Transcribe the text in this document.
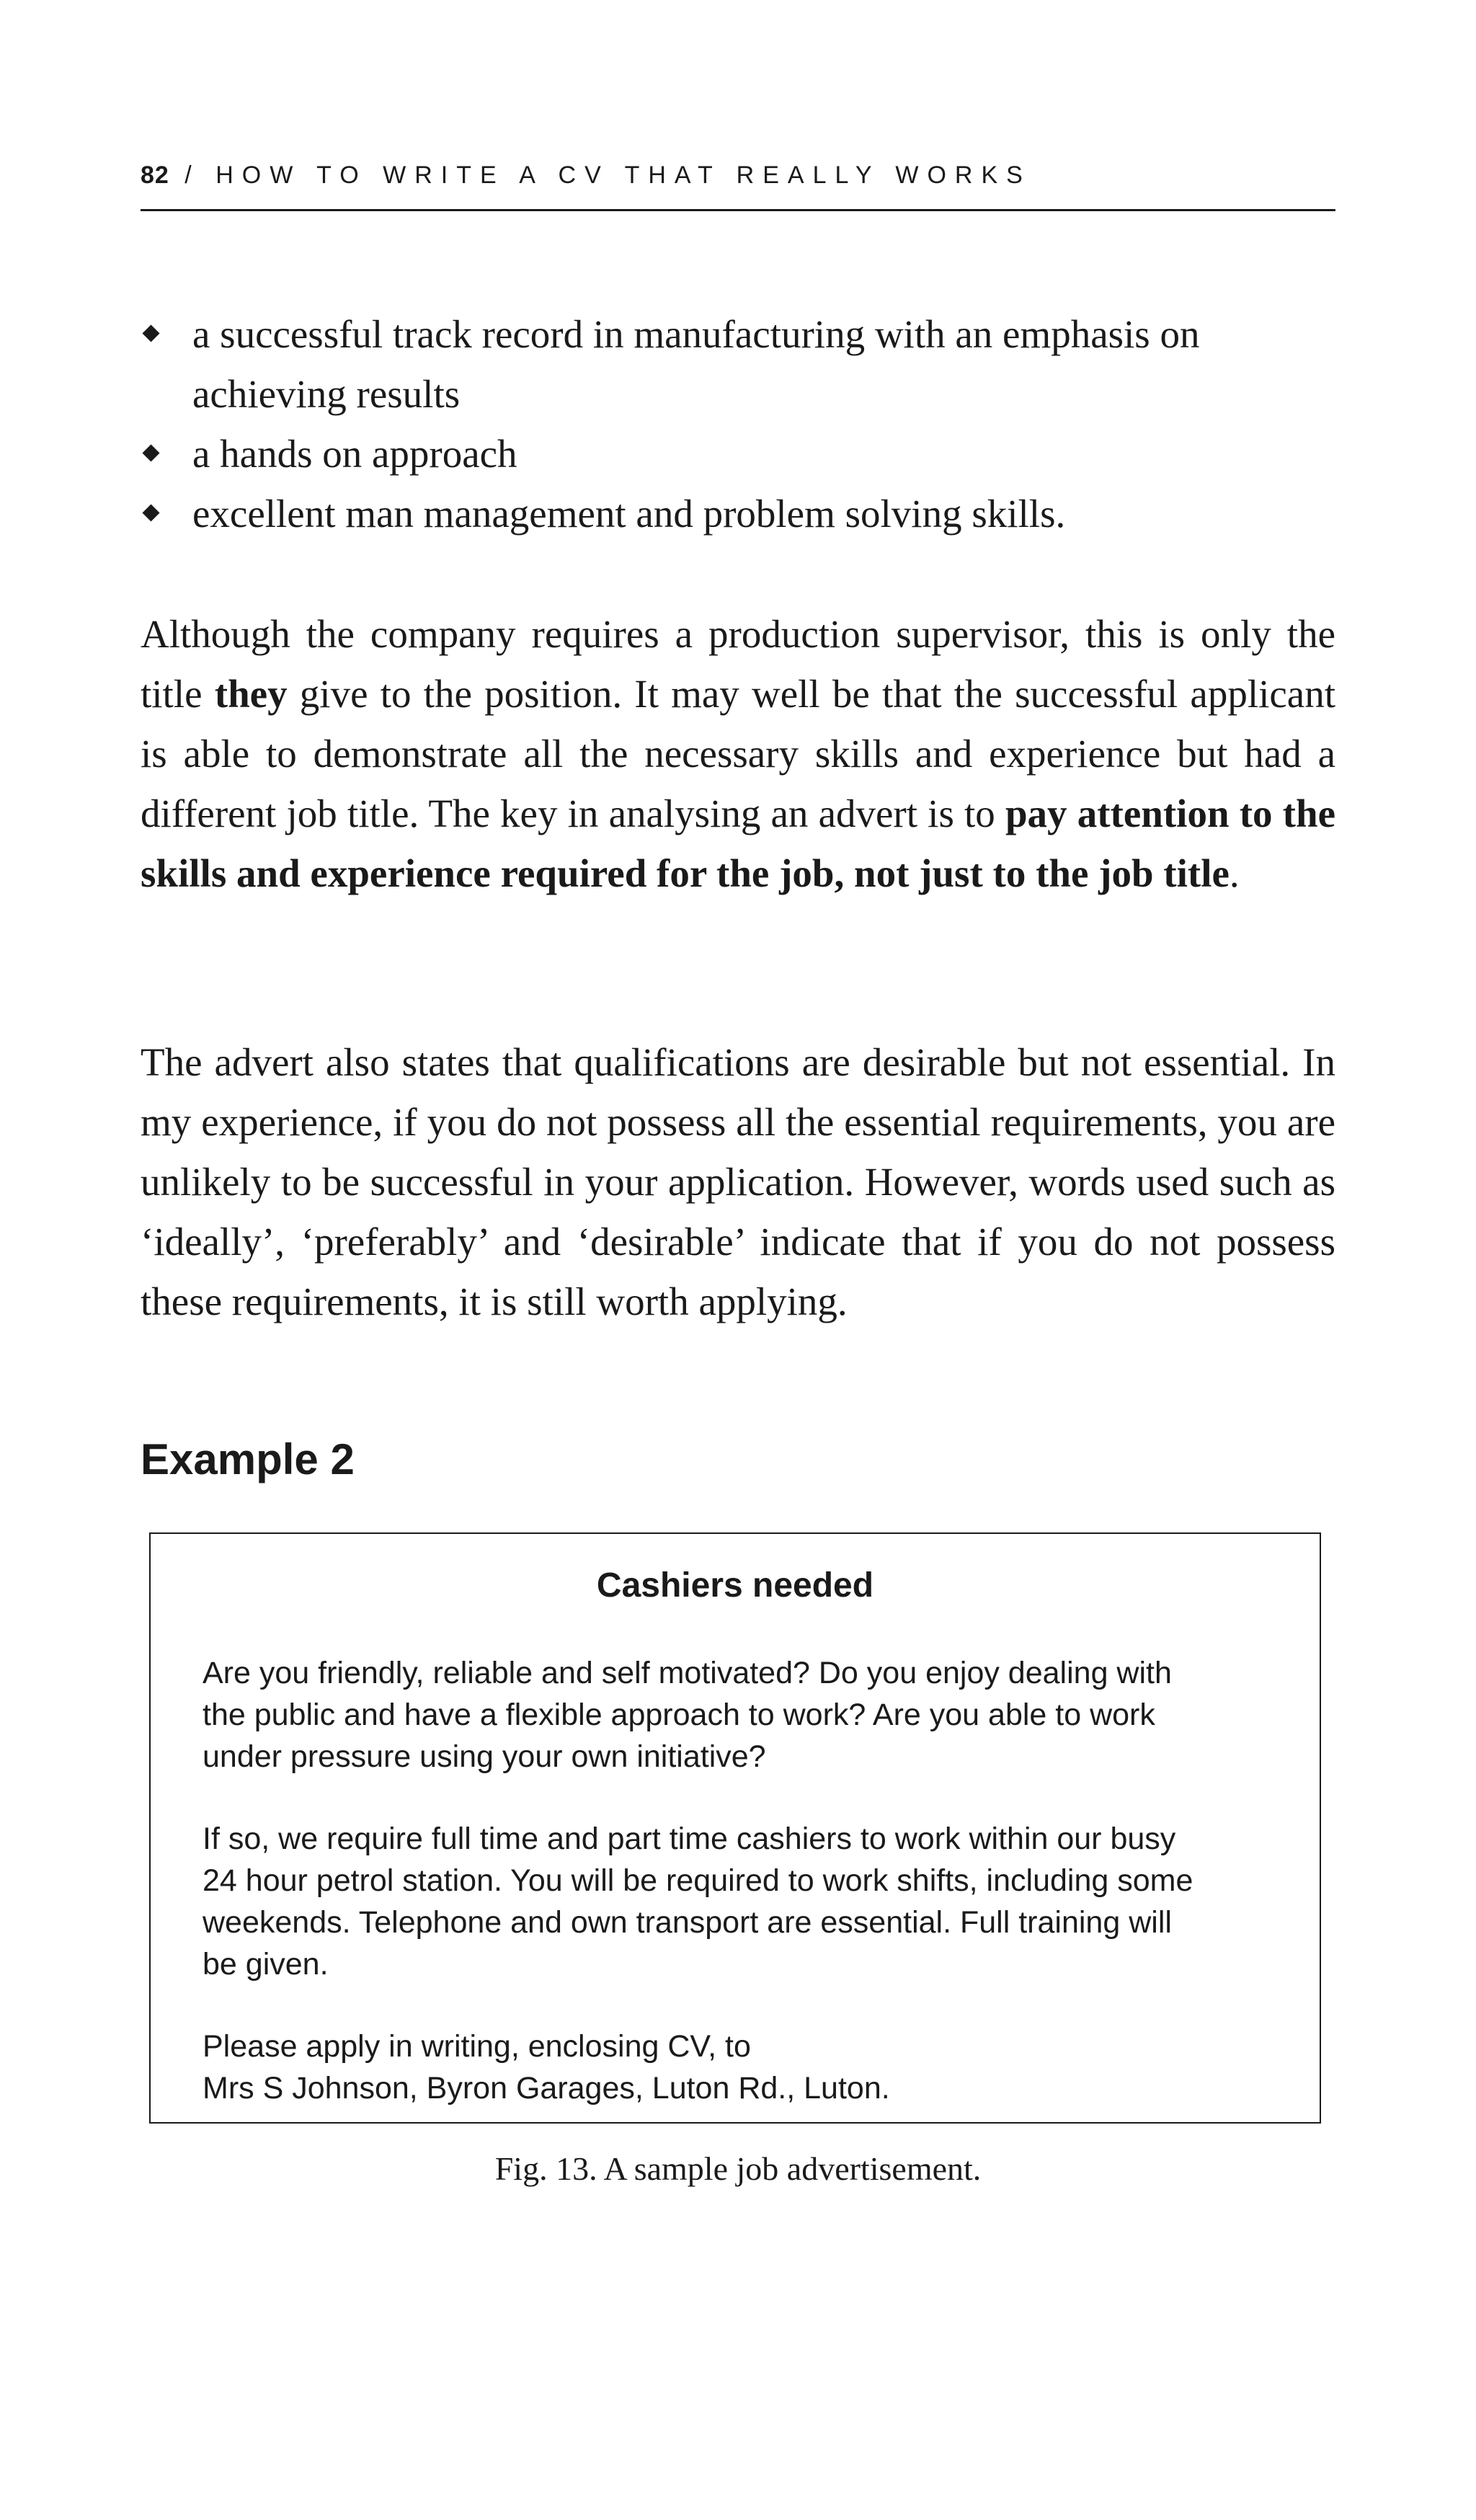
82 / HOW TO WRITE A CV THAT REALLY WORKS
a successful track record in manufacturing with an emphasis on achieving results
a hands on approach
excellent man management and problem solving skills.

Although the company requires a production supervisor, this is only the title they give to the position. It may well be that the successful applicant is able to demonstrate all the necessary skills and experience but had a different job title. The key in analysing an advert is to pay attention to the skills and experience required for the job, not just to the job title.

The advert also states that qualifications are desirable but not essential. In my experience, if you do not possess all the essential requirements, you are unlikely to be successful in your application. However, words used such as ‘ideally’, ‘preferably’ and ‘desirable’ indicate that if you do not possess these requirements, it is still worth applying.

Example 2
Cashiers needed

Are you friendly, reliable and self motivated? Do you enjoy dealing with
the public and have a flexible approach to work? Are you able to work
under pressure using your own initiative?

If so, we require full time and part time cashiers to work within our busy
24 hour petrol station. You will be required to work shifts, including some
weekends. Telephone and own transport are essential. Full training will
be given.

Please apply in writing, enclosing CV, to
Mrs S Johnson, Byron Garages, Luton Rd., Luton.

Fig. 13. A sample job advertisement.
